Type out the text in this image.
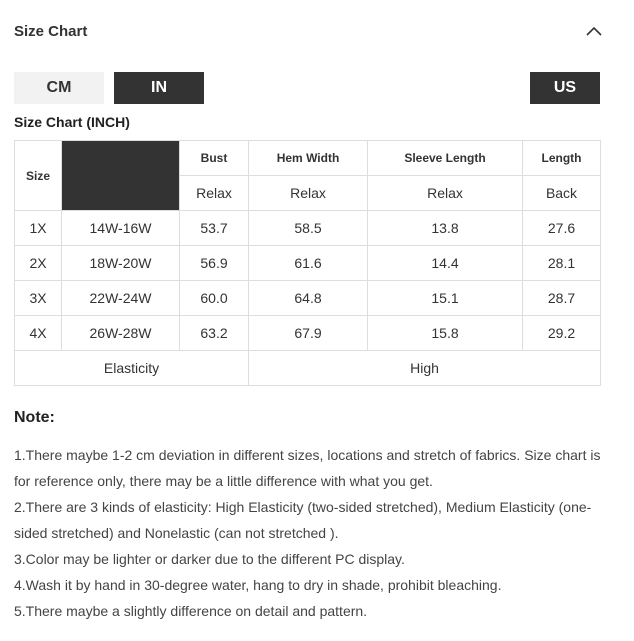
Size Chart
CM	IN	US
Size Chart (INCH)
Size	US Size	Bust	Hem Width	Sleeve Length	Length
		Relax	Relax	Relax	Back
1X	14W-16W	53.7	58.5	13.8	27.6
2X	18W-20W	56.9	61.6	14.4	28.1
3X	22W-24W	60.0	64.8	15.1	28.7
4X	26W-28W	63.2	67.9	15.8	29.2
Elasticity			High		
Note:

1.There maybe 1-2 cm deviation in different sizes, locations and stretch of fabrics. Size chart is for reference only, there may be a little difference with what you get.

2.There are 3 kinds of elasticity: High Elasticity (two-sided stretched), Medium Elasticity (one-sided stretched) and Nonelastic (can not stretched ).

3.Color may be lighter or darker due to the different PC display.

4.Wash it by hand in 30-degree water, hang to dry in shade, prohibit bleaching.

5.There maybe a slightly difference on detail and pattern.
